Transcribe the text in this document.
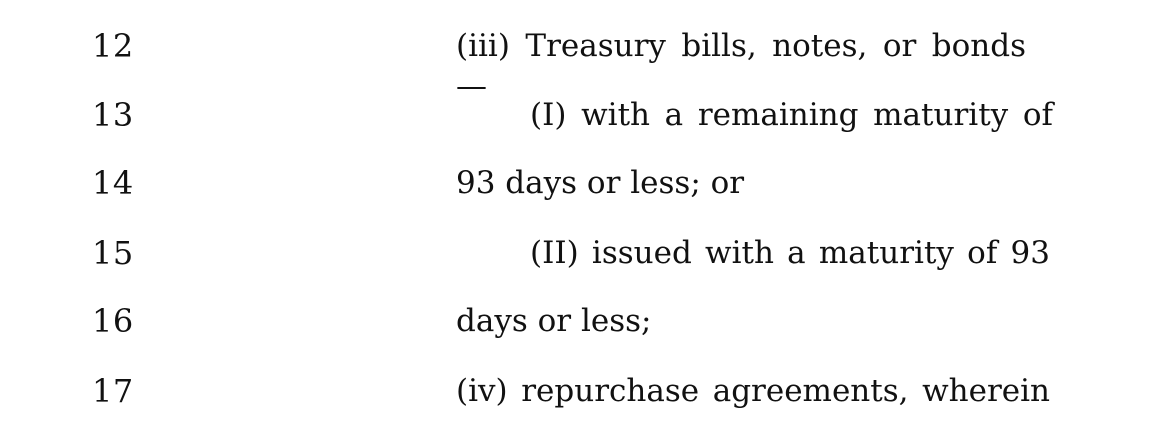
12	(iii) Treasury bills, notes, or bonds—
13	(I) with a remaining maturity of
14	93 days or less; or
15	(II) issued with a maturity of 93
16	days or less;
17	(iv) repurchase agreements, wherein
